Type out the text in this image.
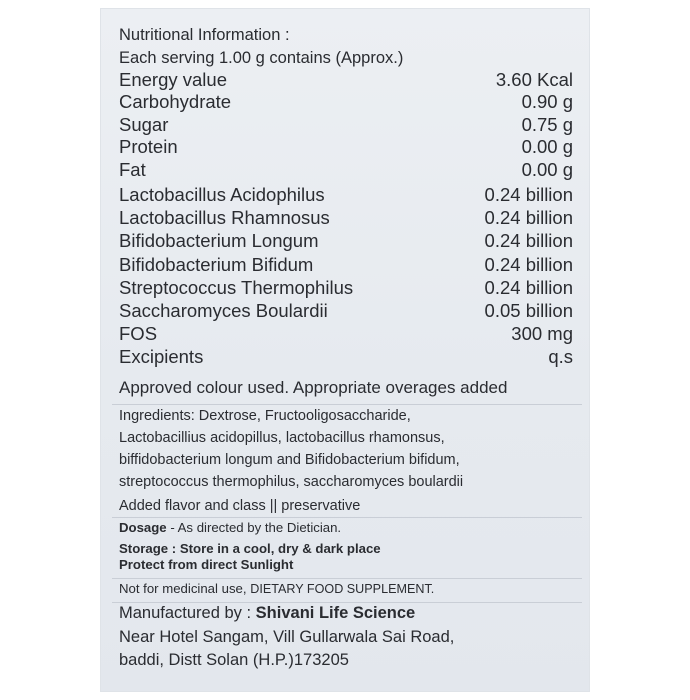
Nutritional Information :
Each serving 1.00 g contains (Approx.)
Energy value	3.60 Kcal
Carbohydrate	0.90 g
Sugar	0.75 g
Protein	0.00 g
Fat	0.00 g
Lactobacillus Acidophilus	0.24 billion
Lactobacillus Rhamnosus	0.24 billion
Bifidobacterium Longum	0.24 billion
Bifidobacterium Bifidum	0.24 billion
Streptococcus Thermophilus	0.24 billion
Saccharomyces Boulardii	0.05 billion
FOS	300 mg
Excipients	q.s
Approved colour used. Appropriate overages added
Ingredients: Dextrose, Fructooligosaccharide,
Lactobacillius acidopillus, lactobacillus rhamonsus,
biffidobacterium longum and Bifidobacterium bifidum,
streptococcus thermophilus, saccharomyces boulardii
Added flavor and class || preservative
Dosage - As directed by the Dietician.
Storage : Store in a cool, dry & dark place
Protect from direct Sunlight
Not for medicinal use, DIETARY FOOD SUPPLEMENT.
Manufactured by : Shivani Life Science
Near Hotel Sangam, Vill Gullarwala Sai Road,
baddi, Distt Solan (H.P.)173205
